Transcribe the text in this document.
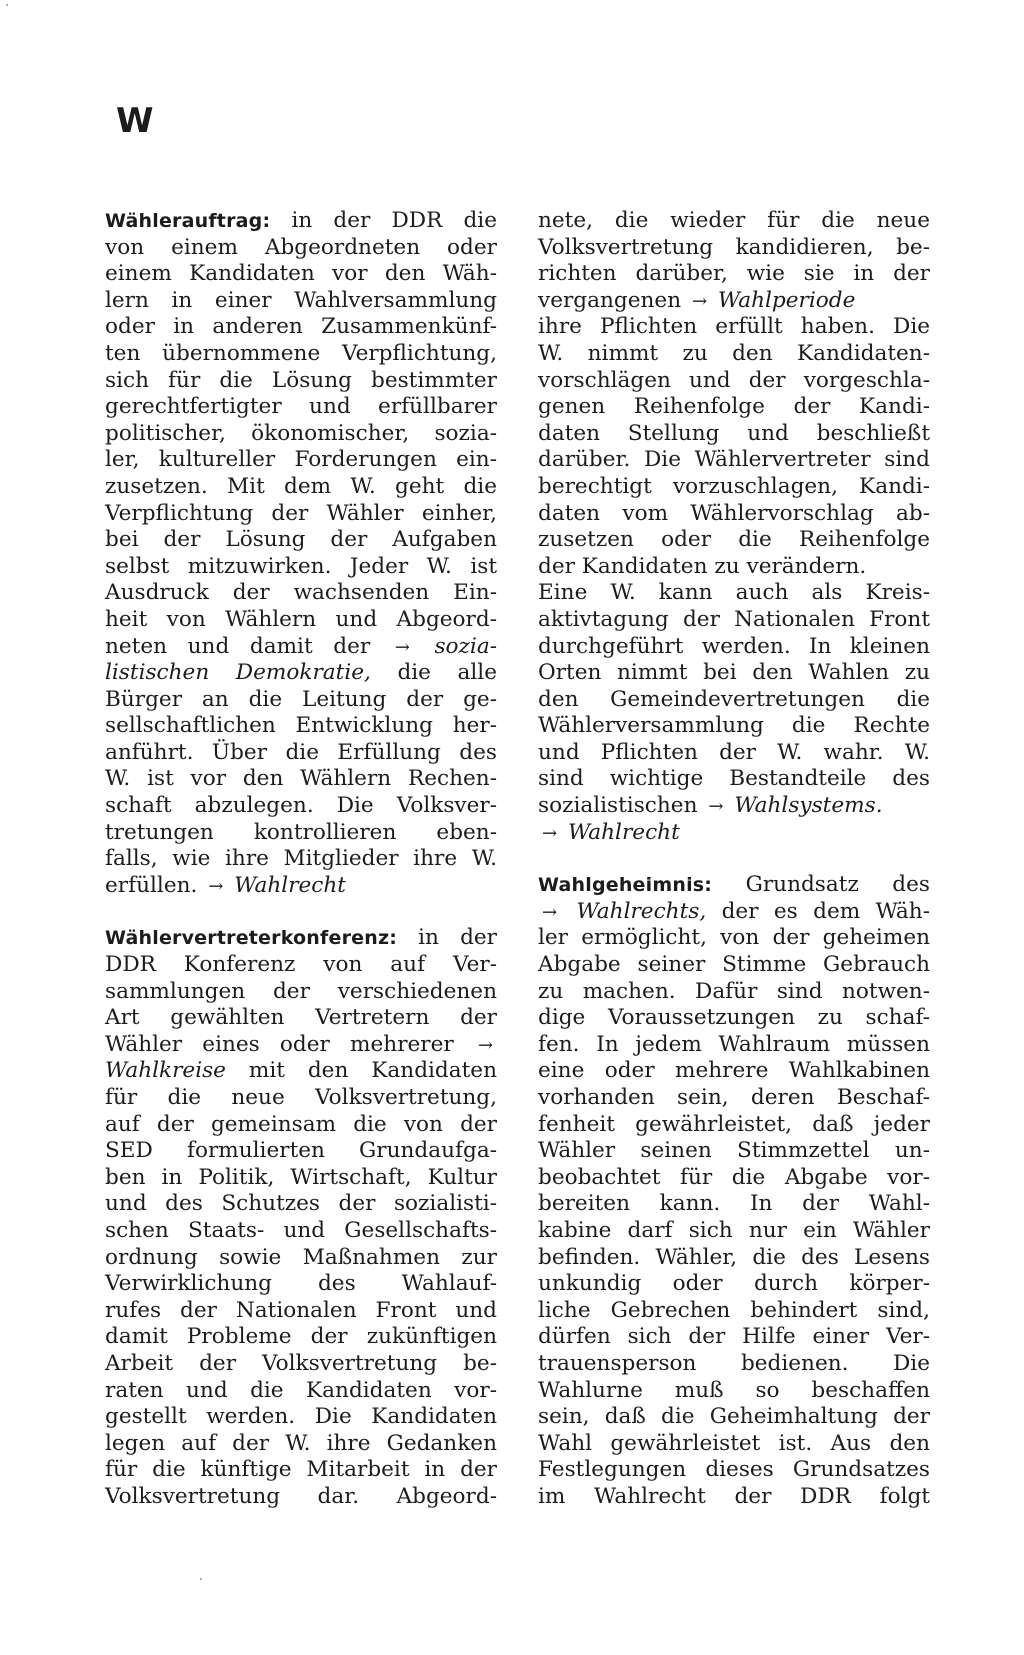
W
Wählerauftrag: in der DDR die
von einem Abgeordneten oder
einem Kandidaten vor den Wäh-
lern in einer Wahlversammlung
oder in anderen Zusammenkünf-
ten übernommene Verpflichtung,
sich für die Lösung bestimmter
gerechtfertigter und erfüllbarer
politischer, ökonomischer, sozia-
ler, kultureller Forderungen ein-
zusetzen. Mit dem W. geht die
Verpflichtung der Wähler einher,
bei der Lösung der Aufgaben
selbst mitzuwirken. Jeder W. ist
Ausdruck der wachsenden Ein-
heit von Wählern und Abgeord-
neten und damit der → sozia-
listischen Demokratie, die alle
Bürger an die Leitung der ge-
sellschaftlichen Entwicklung her-
anführt. Über die Erfüllung des
W. ist vor den Wählern Rechen-
schaft abzulegen. Die Volksver-
tretungen kontrollieren eben-
falls, wie ihre Mitglieder ihre W.
erfüllen. → Wahlrecht
Wählervertreterkonferenz: in der
DDR Konferenz von auf Ver-
sammlungen der verschiedenen
Art gewählten Vertretern der
Wähler eines oder mehrerer →
Wahlkreise mit den Kandidaten
für die neue Volksvertretung,
auf der gemeinsam die von der
SED formulierten Grundaufga-
ben in Politik, Wirtschaft, Kultur
und des Schutzes der sozialisti-
schen Staats- und Gesellschafts-
ordnung sowie Maßnahmen zur
Verwirklichung des Wahlauf-
rufes der Nationalen Front und
damit Probleme der zukünftigen
Arbeit der Volksvertretung be-
raten und die Kandidaten vor-
gestellt werden. Die Kandidaten
legen auf der W. ihre Gedanken
für die künftige Mitarbeit in der
Volksvertretung dar. Abgeord-
nete, die wieder für die neue
Volksvertretung kandidieren, be-
richten darüber, wie sie in der
vergangenen → Wahlperiode
ihre Pflichten erfüllt haben. Die
W. nimmt zu den Kandidaten-
vorschlägen und der vorgeschla-
genen Reihenfolge der Kandi-
daten Stellung und beschließt
darüber. Die Wählervertreter sind
berechtigt vorzuschlagen, Kandi-
daten vom Wählervorschlag ab-
zusetzen oder die Reihenfolge
der Kandidaten zu verändern.
Eine W. kann auch als Kreis-
aktivtagung der Nationalen Front
durchgeführt werden. In kleinen
Orten nimmt bei den Wahlen zu
den Gemeindevertretungen die
Wählerversammlung die Rechte
und Pflichten der W. wahr. W.
sind wichtige Bestandteile des
sozialistischen → Wahlsystems.
→ Wahlrecht
Wahlgeheimnis: Grundsatz des
→ Wahlrechts, der es dem Wäh-
ler ermöglicht, von der geheimen
Abgabe seiner Stimme Gebrauch
zu machen. Dafür sind notwen-
dige Voraussetzungen zu schaf-
fen. In jedem Wahlraum müssen
eine oder mehrere Wahlkabinen
vorhanden sein, deren Beschaf-
fenheit gewährleistet, daß jeder
Wähler seinen Stimmzettel un-
beobachtet für die Abgabe vor-
bereiten kann. In der Wahl-
kabine darf sich nur ein Wähler
befinden. Wähler, die des Lesens
unkundig oder durch körper-
liche Gebrechen behindert sind,
dürfen sich der Hilfe einer Ver-
trauensperson bedienen. Die
Wahlurne muß so beschaffen
sein, daß die Geheimhaltung der
Wahl gewährleistet ist. Aus den
Festlegungen dieses Grundsatzes
im Wahlrecht der DDR folgt
